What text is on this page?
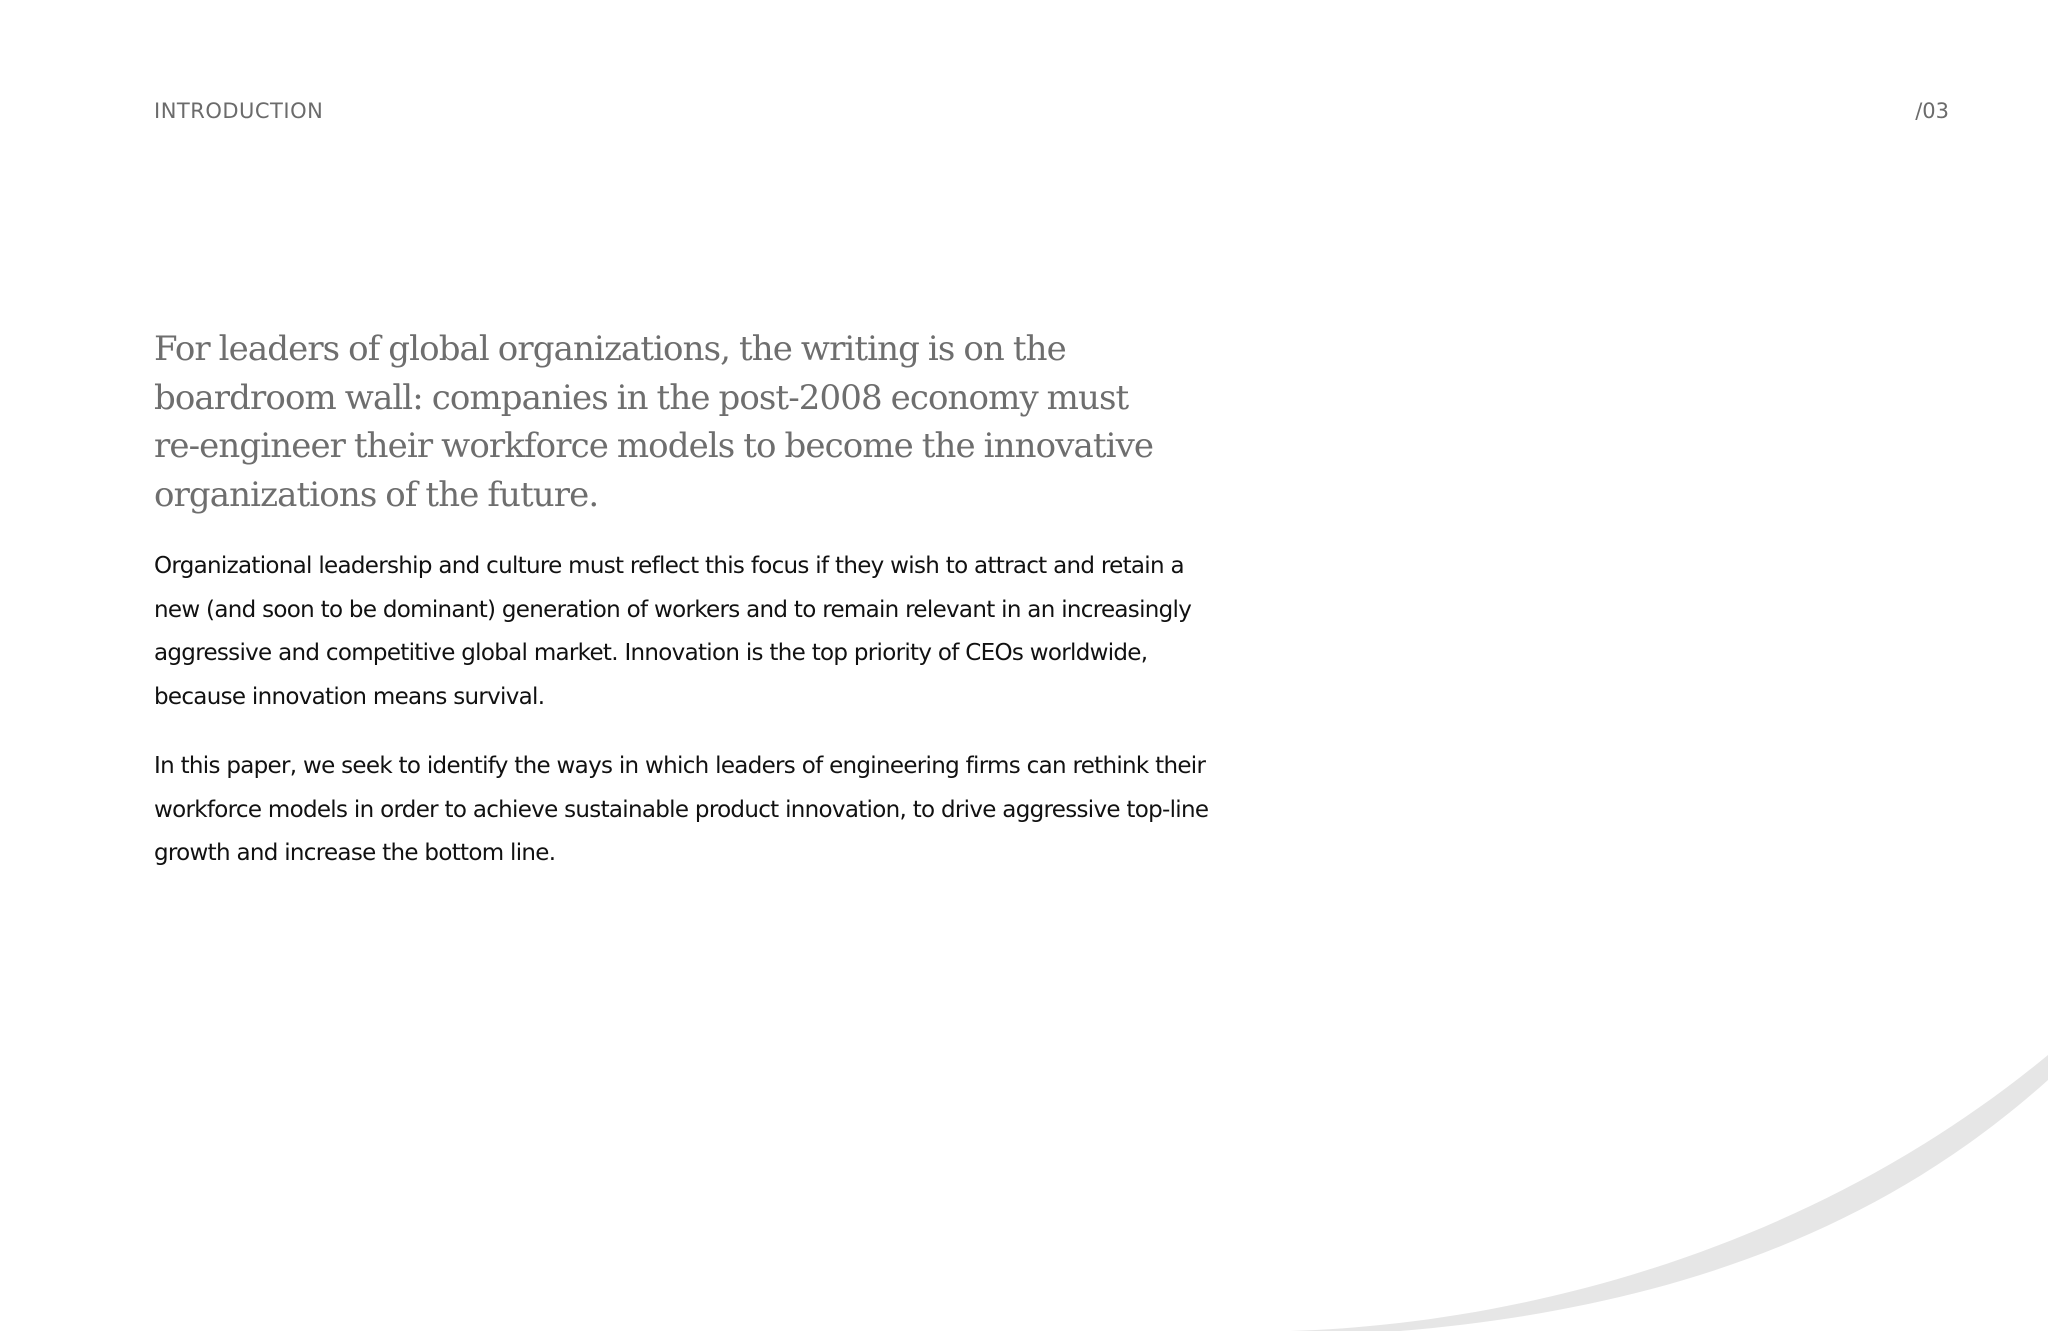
INTRODUCTION	/03

For leaders of global organizations, the writing is on the
boardroom wall: companies in the post-2008 economy must
re-engineer their workforce models to become the innovative
organizations of the future.

Organizational leadership and culture must reflect this focus if they wish to attract and retain a
new (and soon to be dominant) generation of workers and to remain relevant in an increasingly
aggressive and competitive global market. Innovation is the top priority of CEOs worldwide,
because innovation means survival.

In this paper, we seek to identify the ways in which leaders of engineering firms can rethink their
workforce models in order to achieve sustainable product innovation, to drive aggressive top-line
growth and increase the bottom line.
